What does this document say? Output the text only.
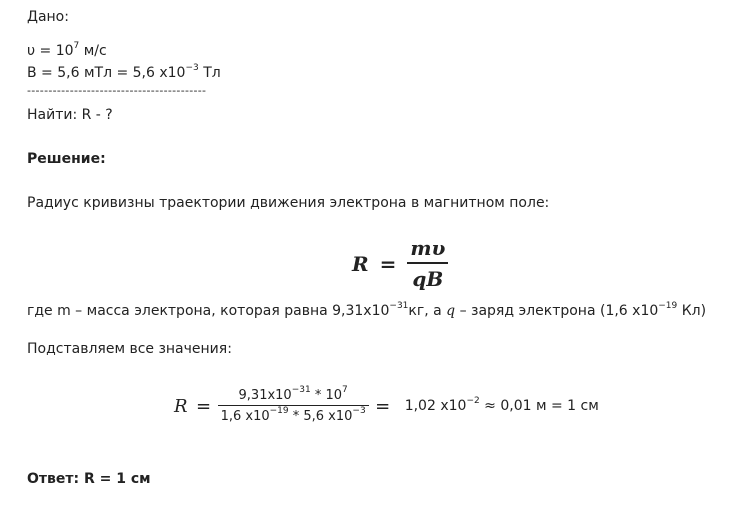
Дано:
$\upsilon = 10^7$ м/с
B = 5,6 мТл = 5,6 $х10^{-3}$ Тл
------------------------------------------
Найти: R - ?
Решение:
Радиус кривизны траектории движения электрона в магнитном поле:
$R = \frac{m\upsilon}{qB}$
где m – масса электрона, которая равна $9,31х10^{-31}кг$, а q – заряд электрона (1,6 $х10^{-19}$ Кл)
Подставляем все значения:
$R = \frac{9,31х10^{-31} * 10^7}{1,6 х10^{-19} * 5,6 х10^{-3}} = 1,02$ $х10^{-2} \approx 0,01$ м = 1 см
Ответ: R = 1 см
